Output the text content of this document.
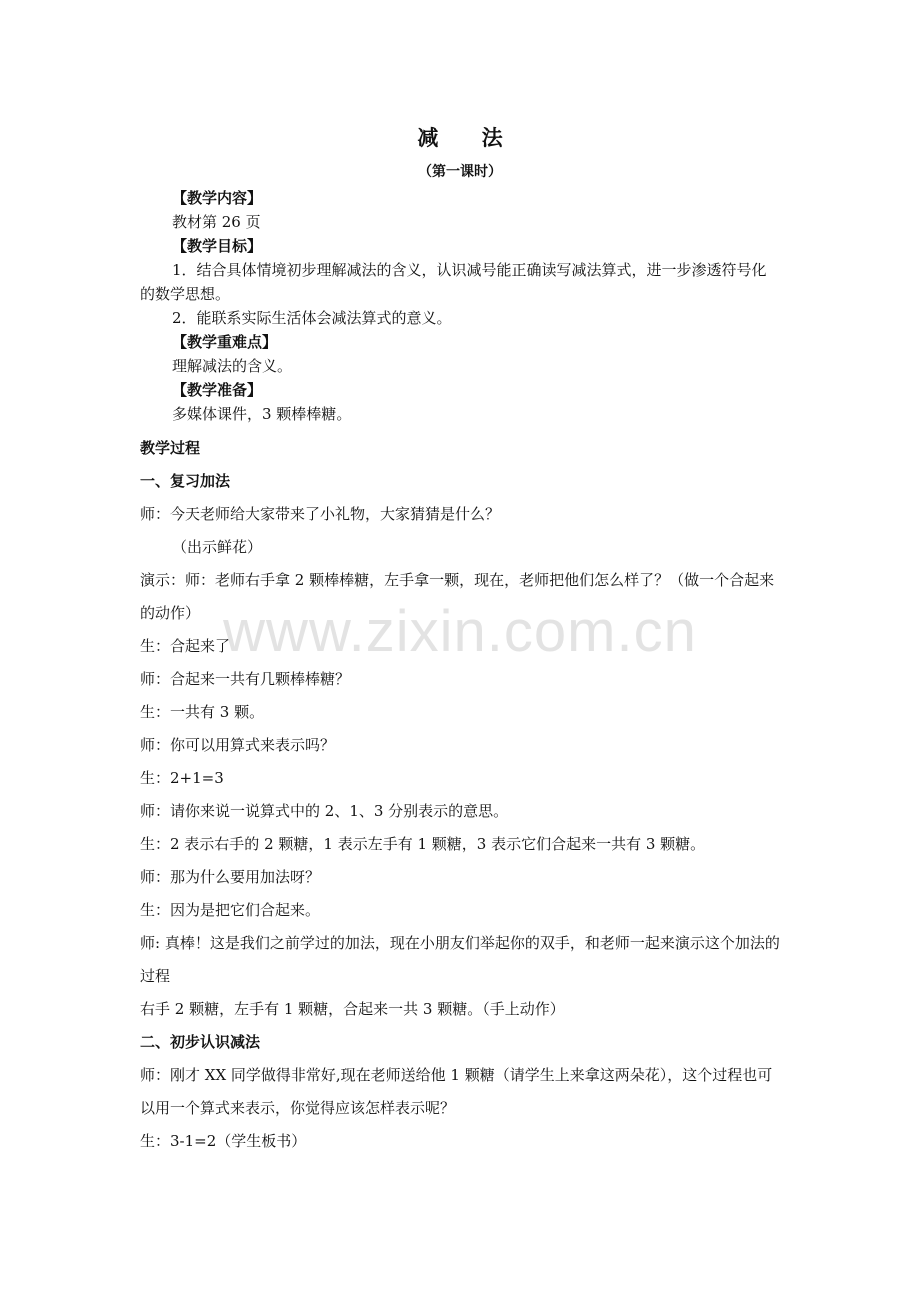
www.zixin.com.cn
减 法
（第一课时）
【教学内容】
教材第 26 页
【教学目标】
1．结合具体情境初步理解减法的含义，认识减号能正确读写减法算式，进一步渗透符号化的数学思想。
2．能联系实际生活体会减法算式的意义。
【教学重难点】
理解减法的含义。
【教学准备】
多媒体课件，3 颗棒棒糖。
教学过程
一、复习加法
师：今天老师给大家带来了小礼物，大家猜猜是什么？
（出示鲜花）
演示：师：老师右手拿 2 颗棒棒糖，左手拿一颗，现在，老师把他们怎么样了？（做一个合起来的动作）
生：合起来了
师：合起来一共有几颗棒棒糖？
生：一共有 3 颗。
师：你可以用算式来表示吗？
生：2+1=3
师：请你来说一说算式中的 2、1、3 分别表示的意思。
生：2 表示右手的 2 颗糖，1 表示左手有 1 颗糖，3 表示它们合起来一共有 3 颗糖。
师：那为什么要用加法呀？
生：因为是把它们合起来。
师: 真棒！这是我们之前学过的加法，现在小朋友们举起你的双手，和老师一起来演示这个加法的过程
右手 2 颗糖，左手有 1 颗糖，合起来一共 3 颗糖。（手上动作）
二、初步认识减法
师：刚才 XX 同学做得非常好,现在老师送给他 1 颗糖（请学生上来拿这两朵花），这个过程也可以用一个算式来表示，你觉得应该怎样表示呢？
生：3-1=2（学生板书）
